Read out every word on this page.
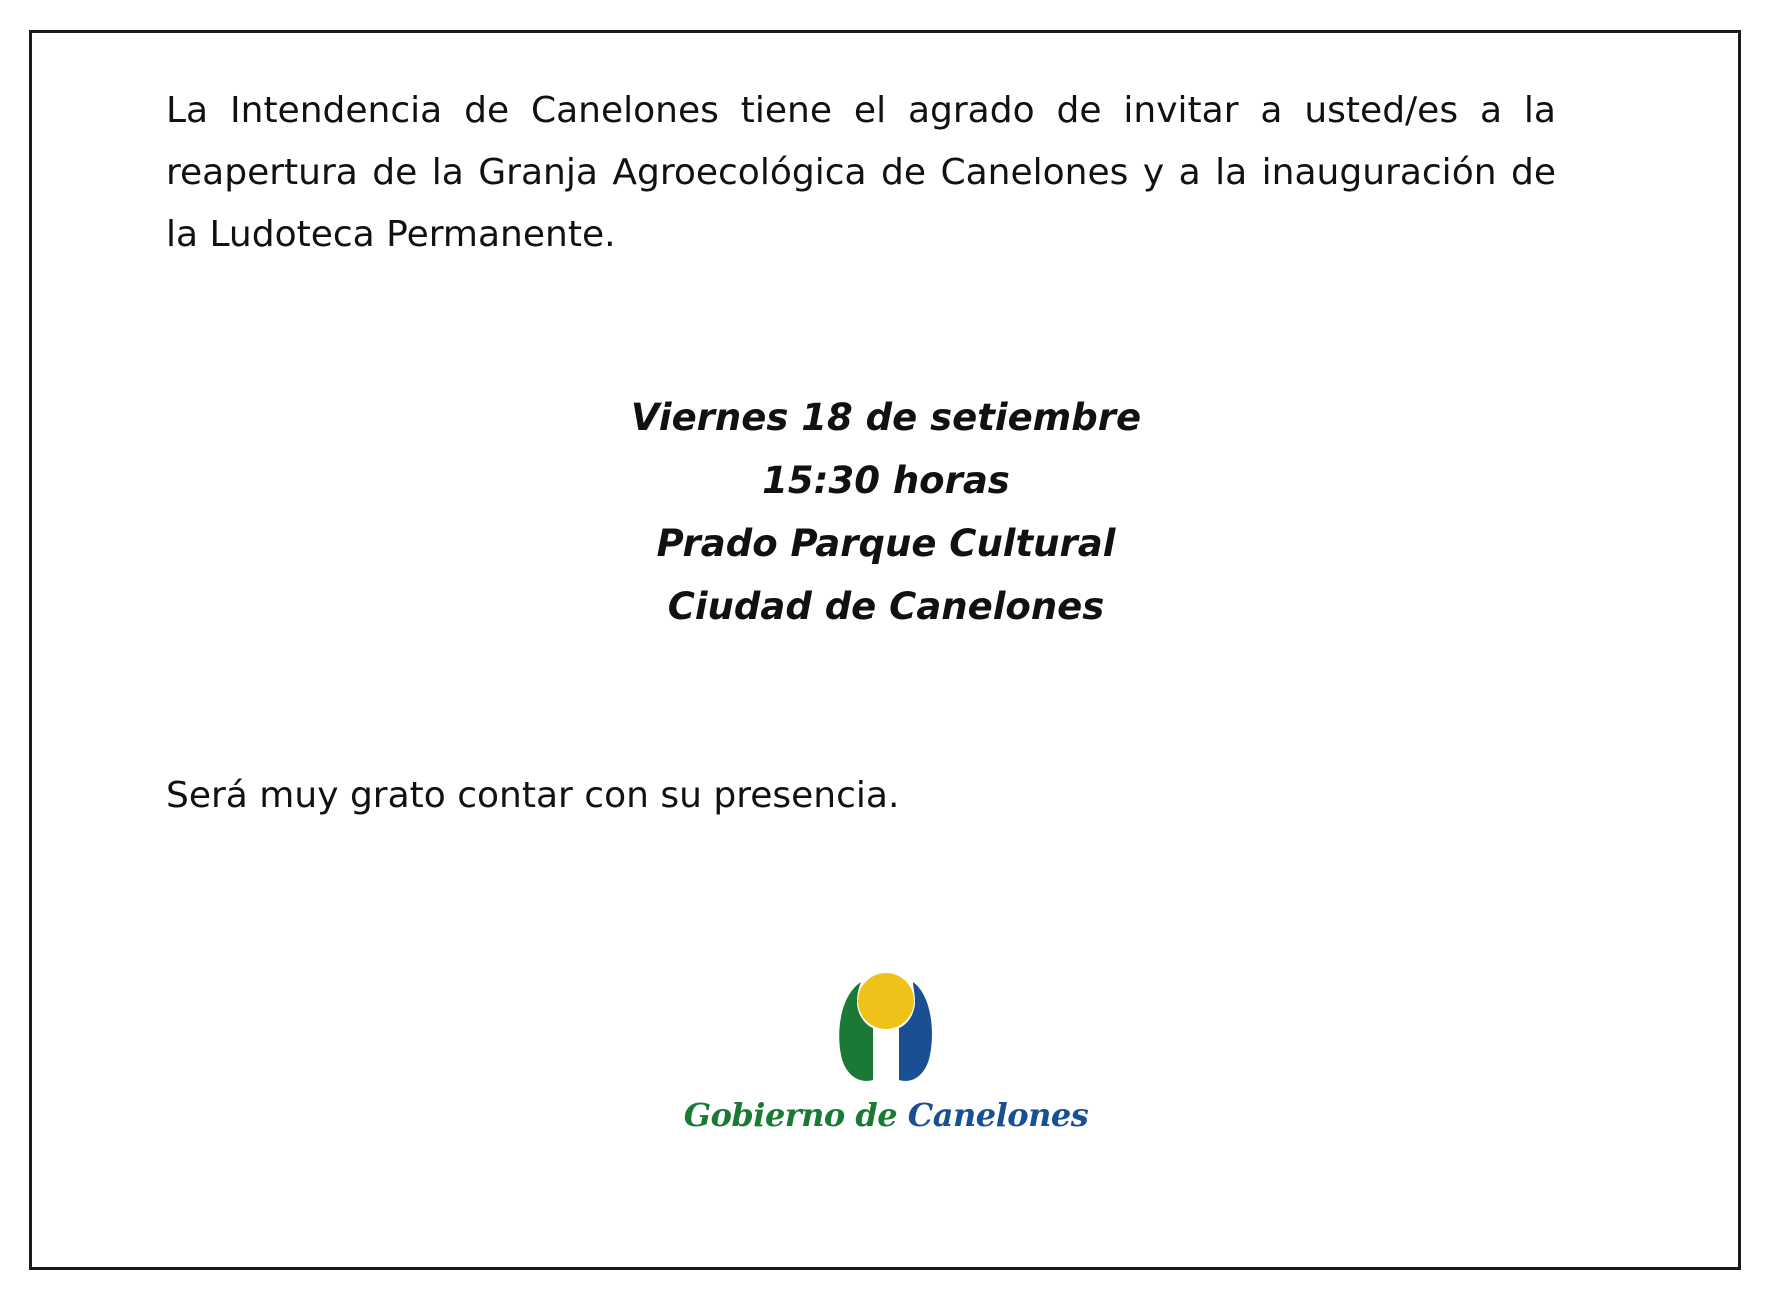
La Intendencia de Canelones tiene el agrado de invitar a usted/es a la reapertura de la Granja Agroecológica de Canelones y a la inauguración de la Ludoteca Permanente.

Viernes 18 de setiembre
15:30 horas
Prado Parque Cultural
Ciudad de Canelones

Será muy grato contar con su presencia.

Gobierno de Canelones
